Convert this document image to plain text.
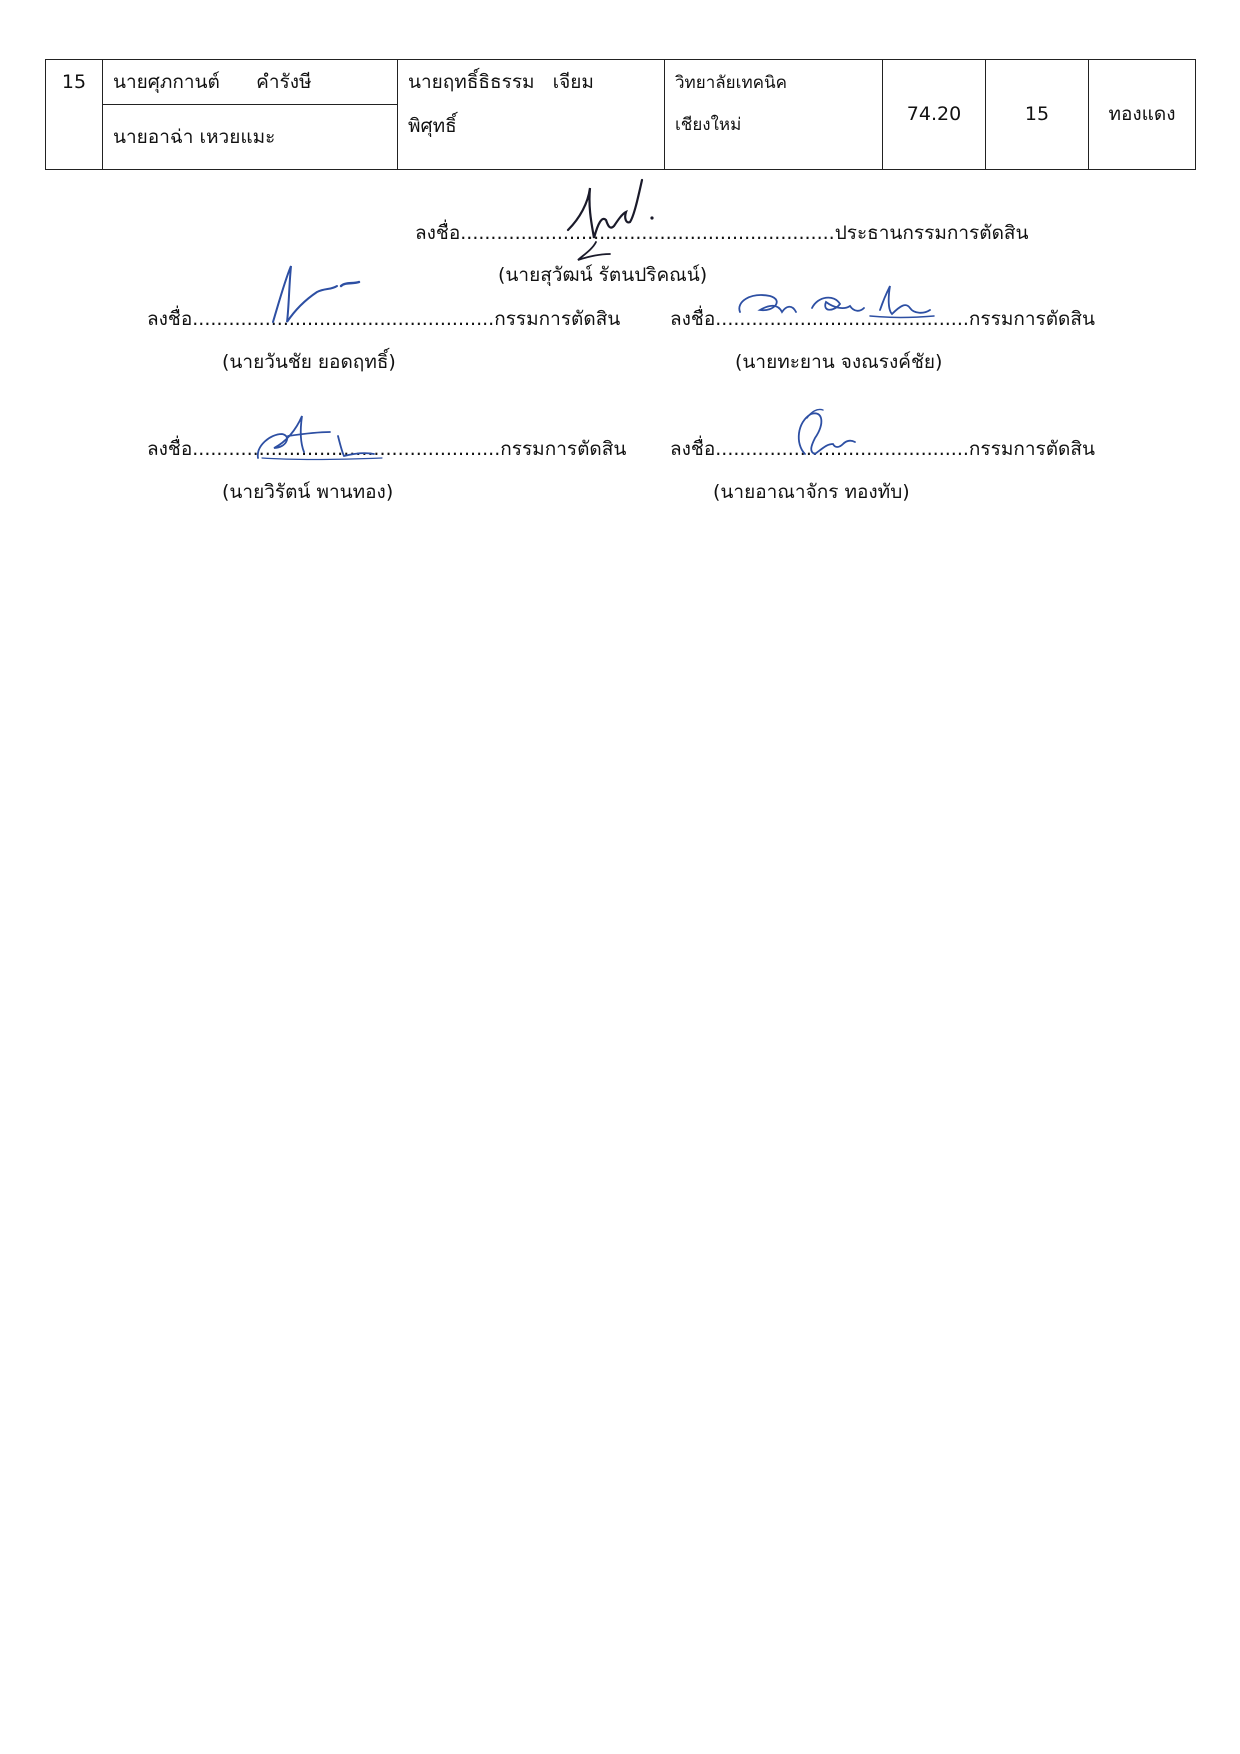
15	นายศุภกานต์      คำรังษี	นายฤทธิ์ธิธรรม   เจียม	วิทยาลัยเทคนิค	74.20	15	ทองแดง
	นายอาฉ่า เหวยแมะ	พิศุทธิ์	เชียงใหม่			
ลงชื่อ..............................................................ประธานกรรมการตัดสิน
(นายสุวัฒน์ รัตนปริคณน์)
ลงชื่อ..................................................กรรมการตัดสิน
(นายวันชัย ยอดฤทธิ์)
ลงชื่อ..........................................กรรมการตัดสิน
(นายทะยาน จงณรงค์ชัย)
ลงชื่อ...................................................กรรมการตัดสิน
(นายวิรัตน์ พานทอง)
ลงชื่อ..........................................กรรมการตัดสิน
(นายอาณาจักร ทองทับ)
